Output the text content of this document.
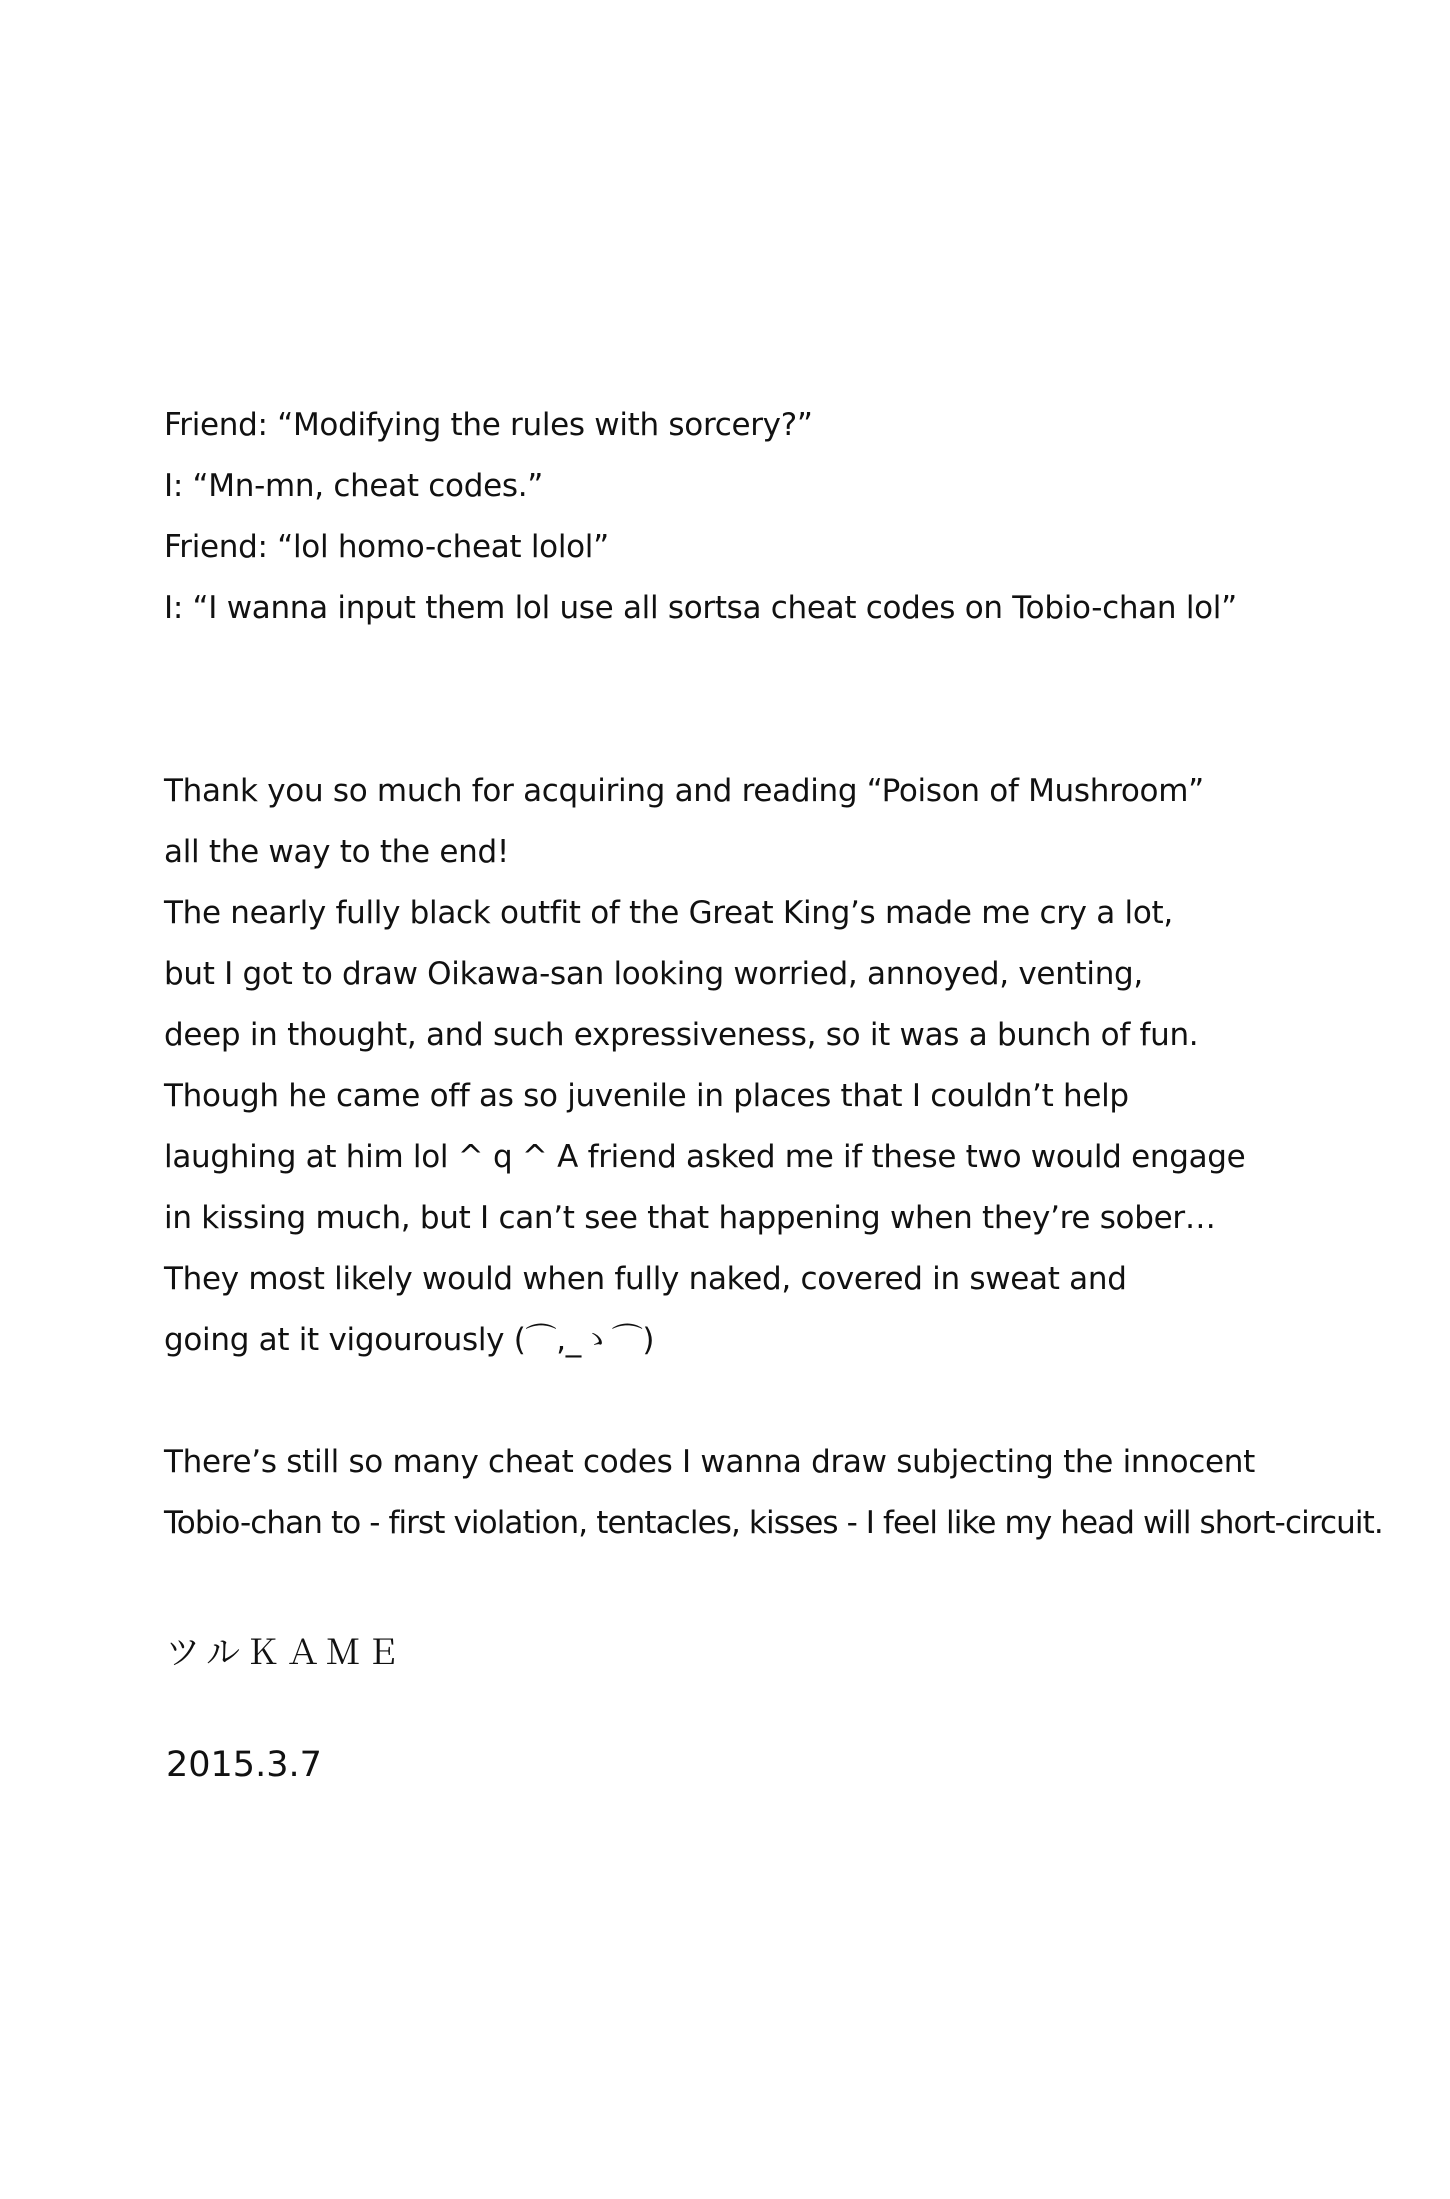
Friend: “Modifying the rules with sorcery?”
I: “Mn-mn, cheat codes.”
Friend: “lol homo-cheat lolol”
I: “I wanna input them lol use all sortsa cheat codes on Tobio-chan lol”
Thank you so much for acquiring and reading “Poison of Mushroom”
all the way to the end!
The nearly fully black outfit of the Great King’s made me cry a lot,
but I got to draw Oikawa-san looking worried, annoyed, venting,
deep in thought, and such expressiveness, so it was a bunch of fun.
Though he came off as so juvenile in places that I couldn’t help
laughing at him lol ^ q ^ A friend asked me if these two would engage
in kissing much, but I can’t see that happening when they’re sober…
They most likely would when fully naked, covered in sweat and
going at it vigourously (⌒,_ゝ⌒)
There’s still so many cheat codes I wanna draw subjecting the innocent
Tobio-chan to - first violation, tentacles, kisses - I feel like my head will short-circuit.
ツルＫＡＭＥ
2015.3.7
